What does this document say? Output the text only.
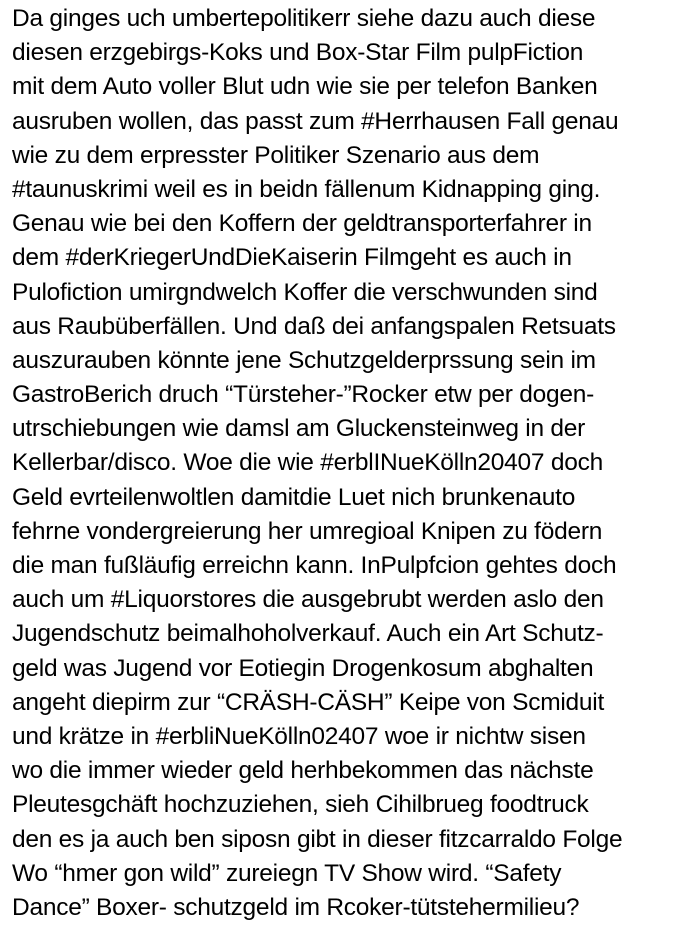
Da ginges uch umbertepolitikerr siehe dazu auch diese
diesen erzgebirgs-Koks und Box-Star Film pulpFiction
mit dem Auto voller Blut udn wie sie per telefon Banken
ausruben wollen, das passt zum #Herrhausen Fall genau
wie zu dem erpresster Politiker Szenario aus dem
#taunuskrimi weil es in beidn fällenum Kidnapping ging.
Genau wie bei den Koffern der geldtransporterfahrer in
dem #derKriegerUndDieKaiserin Filmgeht es auch in
Pulofiction umirgndwelch Koffer die verschwunden sind
aus Raubüberfällen. Und daß dei anfangspalen Retsuats
auszurauben könnte jene Schutzgelderprssung sein im
GastroBerich druch “Türsteher-”Rocker etw per dogen-
utrschiebungen wie damsl am Gluckensteinweg in der
Kellerbar/disco. Woe die wie #erblINueKölln20407 doch
Geld evrteilenwoltlen damitdie Luet nich brunkenauto
fehrne vondergreierung her umregioal Knipen zu födern
die man fußläufig erreichn kann. InPulpfcion gehtes doch
auch um #Liquorstores die ausgebrubt werden aslo den
Jugendschutz beimalhoholverkauf. Auch ein Art Schutz-
geld was Jugend vor Eotiegin Drogenkosum abghalten
angeht diepirm zur “CRÄSH-CÄSH” Keipe von Scmiduit
und krätze in #erbliNueKölln02407 woe ir nichtw sisen
wo die immer wieder geld herhbekommen das nächste
Pleutesgchäft hochzuziehen, sieh Cihilbrueg foodtruck
den es ja auch ben siposn gibt in dieser fitzcarraldo Folge
Wo “hmer gon wild” zureiegn TV Show wird. “Safety
Dance” Boxer- schutzgeld im Rcoker-tütstehermilieu?
